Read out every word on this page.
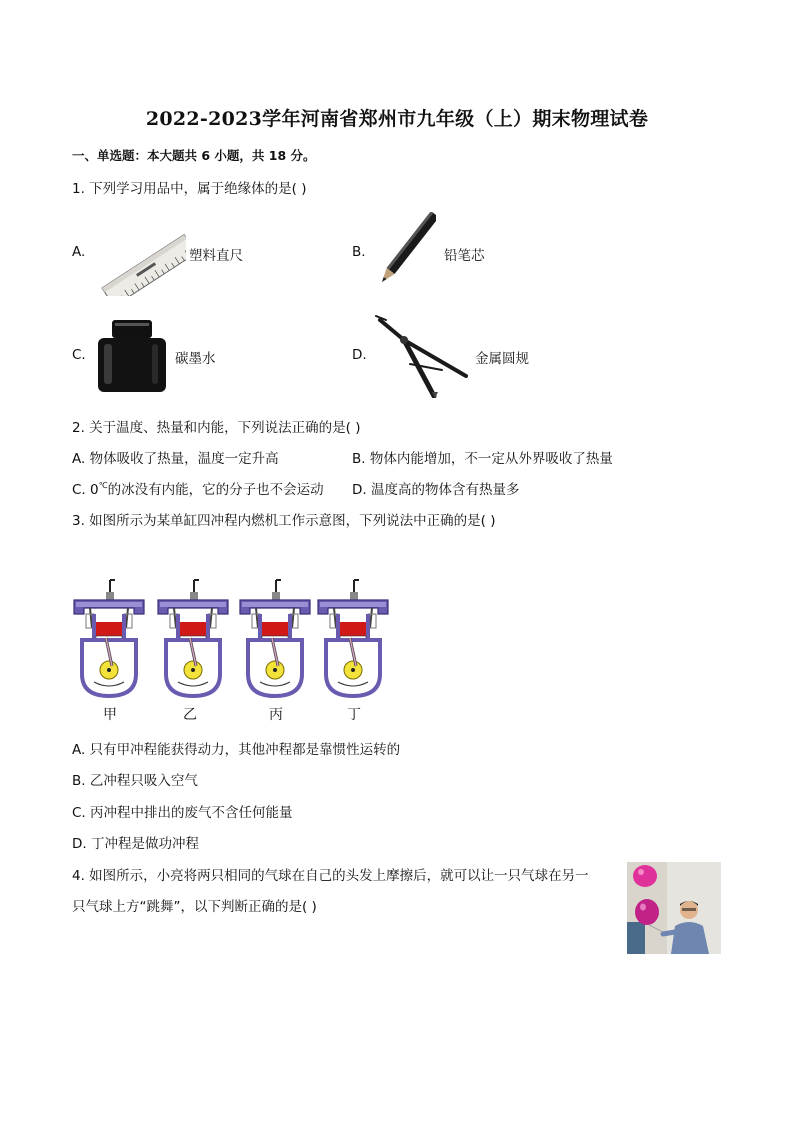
2022-2023学年河南省郑州市九年级（上）期末物理试卷
一、单选题：本大题共 6 小题，共 18 分。
1. 下列学习用品中，属于绝缘体的是( )
A.	塑料直尺	B.	铅笔芯
C.	碳墨水	D.	金属圆规
2. 关于温度、热量和内能，下列说法正确的是( )
A. 物体吸收了热量，温度一定升高	B. 物体内能增加，不一定从外界吸收了热量
C. 0℃的冰没有内能，它的分子也不会运动 D. 温度高的物体含有热量多
3. 如图所示为某单缸四冲程内燃机工作示意图，下列说法中正确的是( )
甲	乙	丙	丁
A. 只有甲冲程能获得动力，其他冲程都是靠惯性运转的
B. 乙冲程只吸入空气
C. 丙冲程中排出的废气不含任何能量
D. 丁冲程是做功冲程
4. 如图所示，小亮将两只相同的气球在自己的头发上摩擦后，就可以让一只气球在另一
只气球上方“跳舞”，以下判断正确的是( )
